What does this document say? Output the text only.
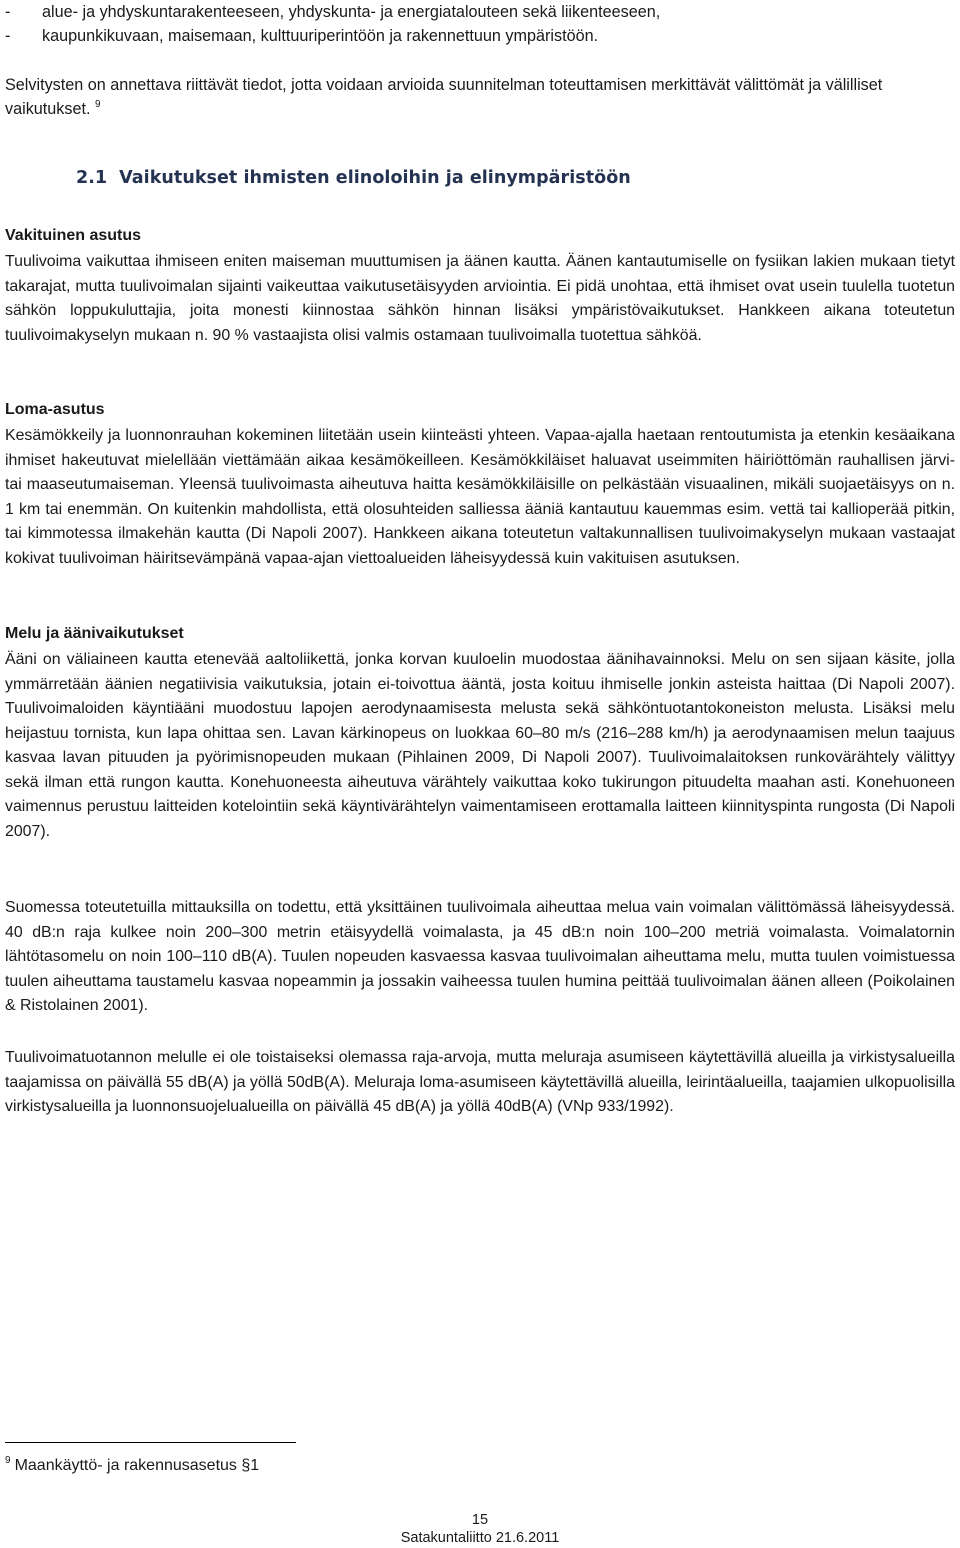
-	alue- ja yhdyskuntarakenteeseen, yhdyskunta- ja energiatalouteen sekä liikenteeseen,
-	kaupunkikuvaan, maisemaan, kulttuuriperintöön ja rakennettuun ympäristöön.

Selvitysten on annettava riittävät tiedot, jotta voidaan arvioida suunnitelman toteuttamisen merkittävät välittömät ja välilliset vaikutukset. $^9$

2.1 Vaikutukset ihmisten elinoloihin ja elinympäristöön
Vakituinen asutus

Tuulivoima vaikuttaa ihmiseen eniten maiseman muuttumisen ja äänen kautta. Äänen kantautumiselle on fysiikan lakien mukaan tietyt takarajat, mutta tuulivoimalan sijainti vaikeuttaa vaikutusetäisyyden arviointia. Ei pidä unohtaa, että ihmiset ovat usein tuulella tuotetun sähkön loppukuluttajia, joita monesti kiinnostaa sähkön hinnan lisäksi ympäristövaikutukset. Hankkeen aikana toteutetun tuulivoimakyselyn mukaan n. 90 % vastaajista olisi valmis ostamaan tuulivoimalla tuotettua sähköä.

Loma-asutus

Kesämökkeily ja luonnonrauhan kokeminen liitetään usein kiinteästi yhteen. Vapaa-ajalla haetaan rentoutumista ja etenkin kesäaikana ihmiset hakeutuvat mielellään viettämään aikaa kesämökeilleen. Kesämökkiläiset haluavat useimmiten häiriöttömän rauhallisen järvi- tai maaseutumaiseman. Yleensä tuulivoimasta aiheutuva haitta kesämökkiläisille on pelkästään visuaalinen, mikäli suojaetäisyys on n. 1 km tai enemmän. On kuitenkin mahdollista, että olosuhteiden salliessa ääniä kantautuu kauemmas esim. vettä tai kallioperää pitkin, tai kimmotessa ilmakehän kautta (Di Napoli 2007). Hankkeen aikana toteutetun valtakunnallisen tuulivoimakyselyn mukaan vastaajat kokivat tuulivoiman häiritsevämpänä vapaa-ajan viettoalueiden läheisyydessä kuin vakituisen asutuksen.

Melu ja äänivaikutukset

Ääni on väliaineen kautta etenevää aaltoliikettä, jonka korvan kuuloelin muodostaa äänihavainnoksi. Melu on sen sijaan käsite, jolla ymmärretään äänien negatiivisia vaikutuksia, jotain ei-toivottua ääntä, josta koituu ihmiselle jonkin asteista haittaa (Di Napoli 2007). Tuulivoimaloiden käyntiääni muodostuu lapojen aerodynaamisesta melusta sekä sähköntuotantokoneiston melusta. Lisäksi melu heijastuu tornista, kun lapa ohittaa sen. Lavan kärkinopeus on luokkaa 60–80 m/s (216–288 km/h) ja aerodynaamisen melun taajuus kasvaa lavan pituuden ja pyörimisnopeuden mukaan (Pihlainen 2009, Di Napoli 2007). Tuulivoimalaitoksen runkovärähtely välittyy sekä ilman että rungon kautta. Konehuoneesta aiheutuva värähtely vaikuttaa koko tukirungon pituudelta maahan asti. Konehuoneen vaimennus perustuu laitteiden kotelointiin sekä käyntivärähtelyn vaimentamiseen erottamalla laitteen kiinnityspinta rungosta (Di Napoli 2007).

Suomessa toteutetuilla mittauksilla on todettu, että yksittäinen tuulivoimala aiheuttaa melua vain voimalan välittömässä läheisyydessä. 40 dB:n raja kulkee noin 200–300 metrin etäisyydellä voimalasta, ja 45 dB:n noin 100–200 metriä voimalasta. Voimalatornin lähtötasomelu on noin 100–110 dB(A). Tuulen nopeuden kasvaessa kasvaa tuulivoimalan aiheuttama melu, mutta tuulen voimistuessa tuulen aiheuttama taustamelu kasvaa nopeammin ja jossakin vaiheessa tuulen humina peittää tuulivoimalan äänen alleen (Poikolainen & Ristolainen 2001).

Tuulivoimatuotannon melulle ei ole toistaiseksi olemassa raja-arvoja, mutta meluraja asumiseen käytettävillä alueilla ja virkistysalueilla taajamissa on päivällä 55 dB(A) ja yöllä 50dB(A). Meluraja loma-asumiseen käytettävillä alueilla, leirintäalueilla, taajamien ulkopuolisilla virkistysalueilla ja luonnonsuojelualueilla on päivällä 45 dB(A) ja yöllä 40dB(A) (VNp 933/1992).

$^9$ Maankäyttö- ja rakennusasetus §1

15

Satakuntaliitto 21.6.2011
